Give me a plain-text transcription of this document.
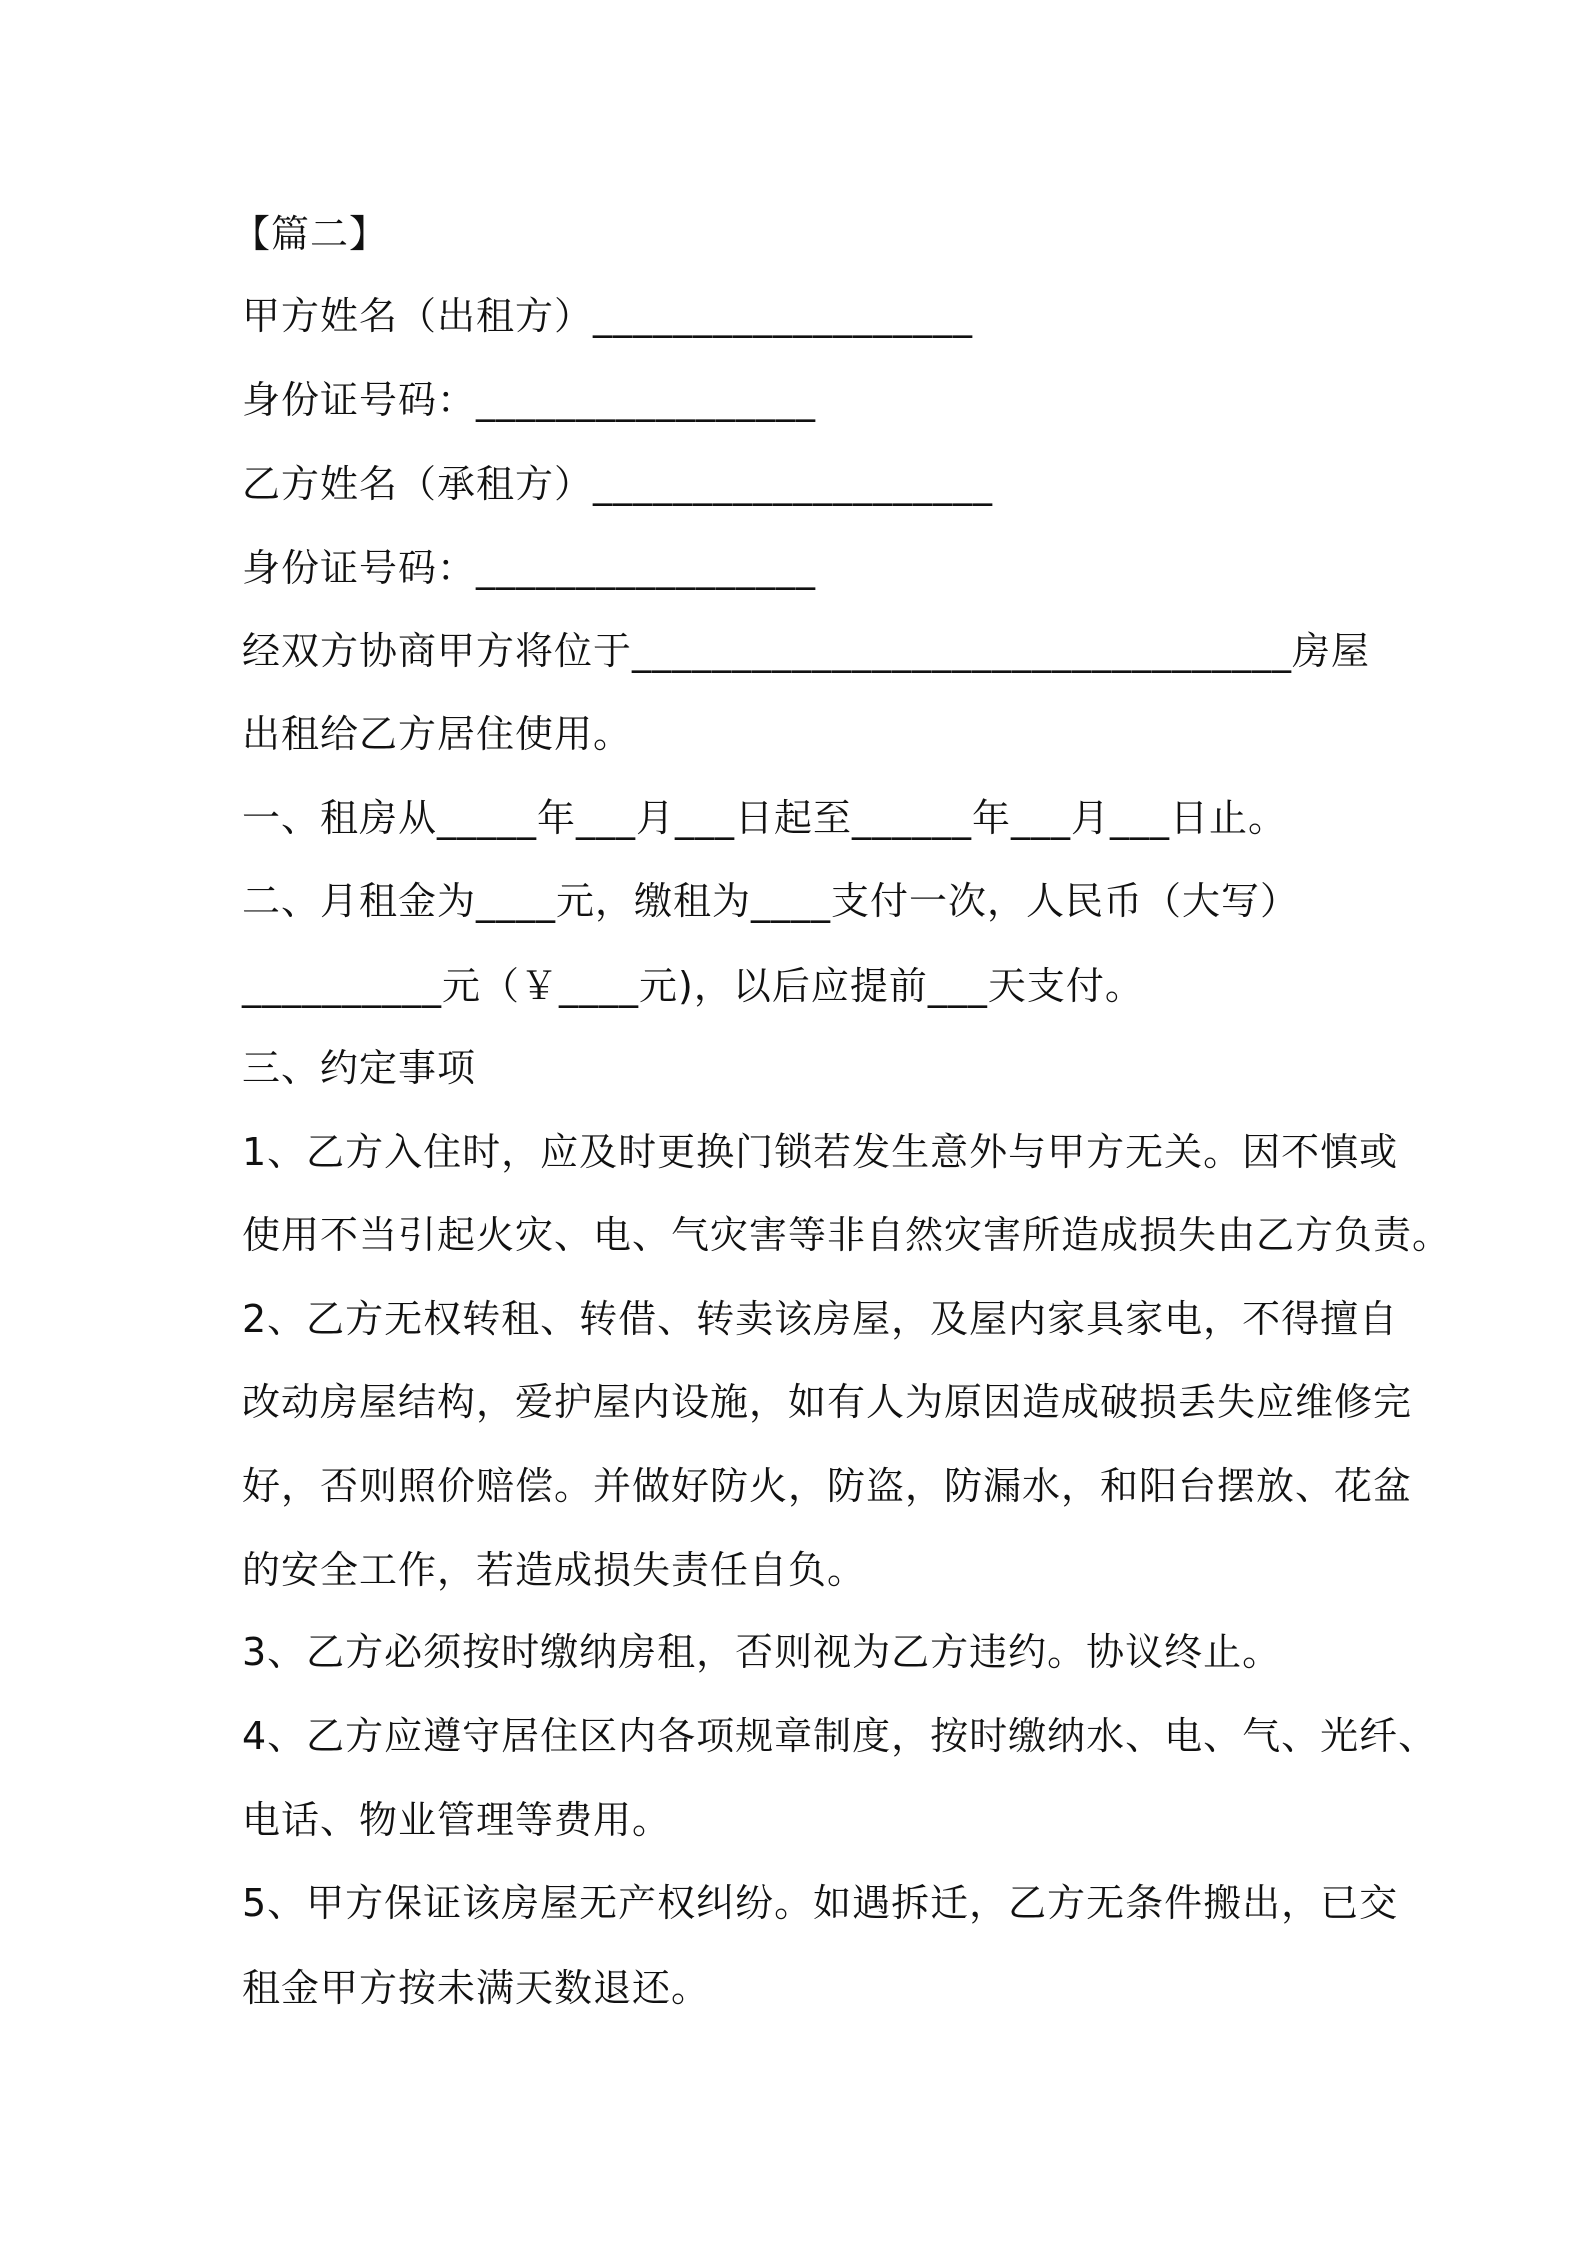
【篇二】
甲方姓名（出租方）___________________
身份证号码：_________________
乙方姓名（承租方）____________________
身份证号码：_________________
经双方协商甲方将位于_________________________________房屋
出租给乙方居住使用。
一、租房从_____年___月___日起至______年___月___日止。
二、月租金为____元，缴租为____支付一次，人民币（大写）
__________元（￥____元)，以后应提前___天支付。
三、约定事项
1、乙方入住时，应及时更换门锁若发生意外与甲方无关。因不慎或
使用不当引起火灾、电、气灾害等非自然灾害所造成损失由乙方负责。
2、乙方无权转租、转借、转卖该房屋，及屋内家具家电，不得擅自
改动房屋结构，爱护屋内设施，如有人为原因造成破损丢失应维修完
好，否则照价赔偿。并做好防火，防盗，防漏水，和阳台摆放、花盆
的安全工作，若造成损失责任自负。
3、乙方必须按时缴纳房租，否则视为乙方违约。协议终止。
4、乙方应遵守居住区内各项规章制度，按时缴纳水、电、气、光纤、
电话、物业管理等费用。
5、甲方保证该房屋无产权纠纷。如遇拆迁，乙方无条件搬出，已交
租金甲方按未满天数退还。
